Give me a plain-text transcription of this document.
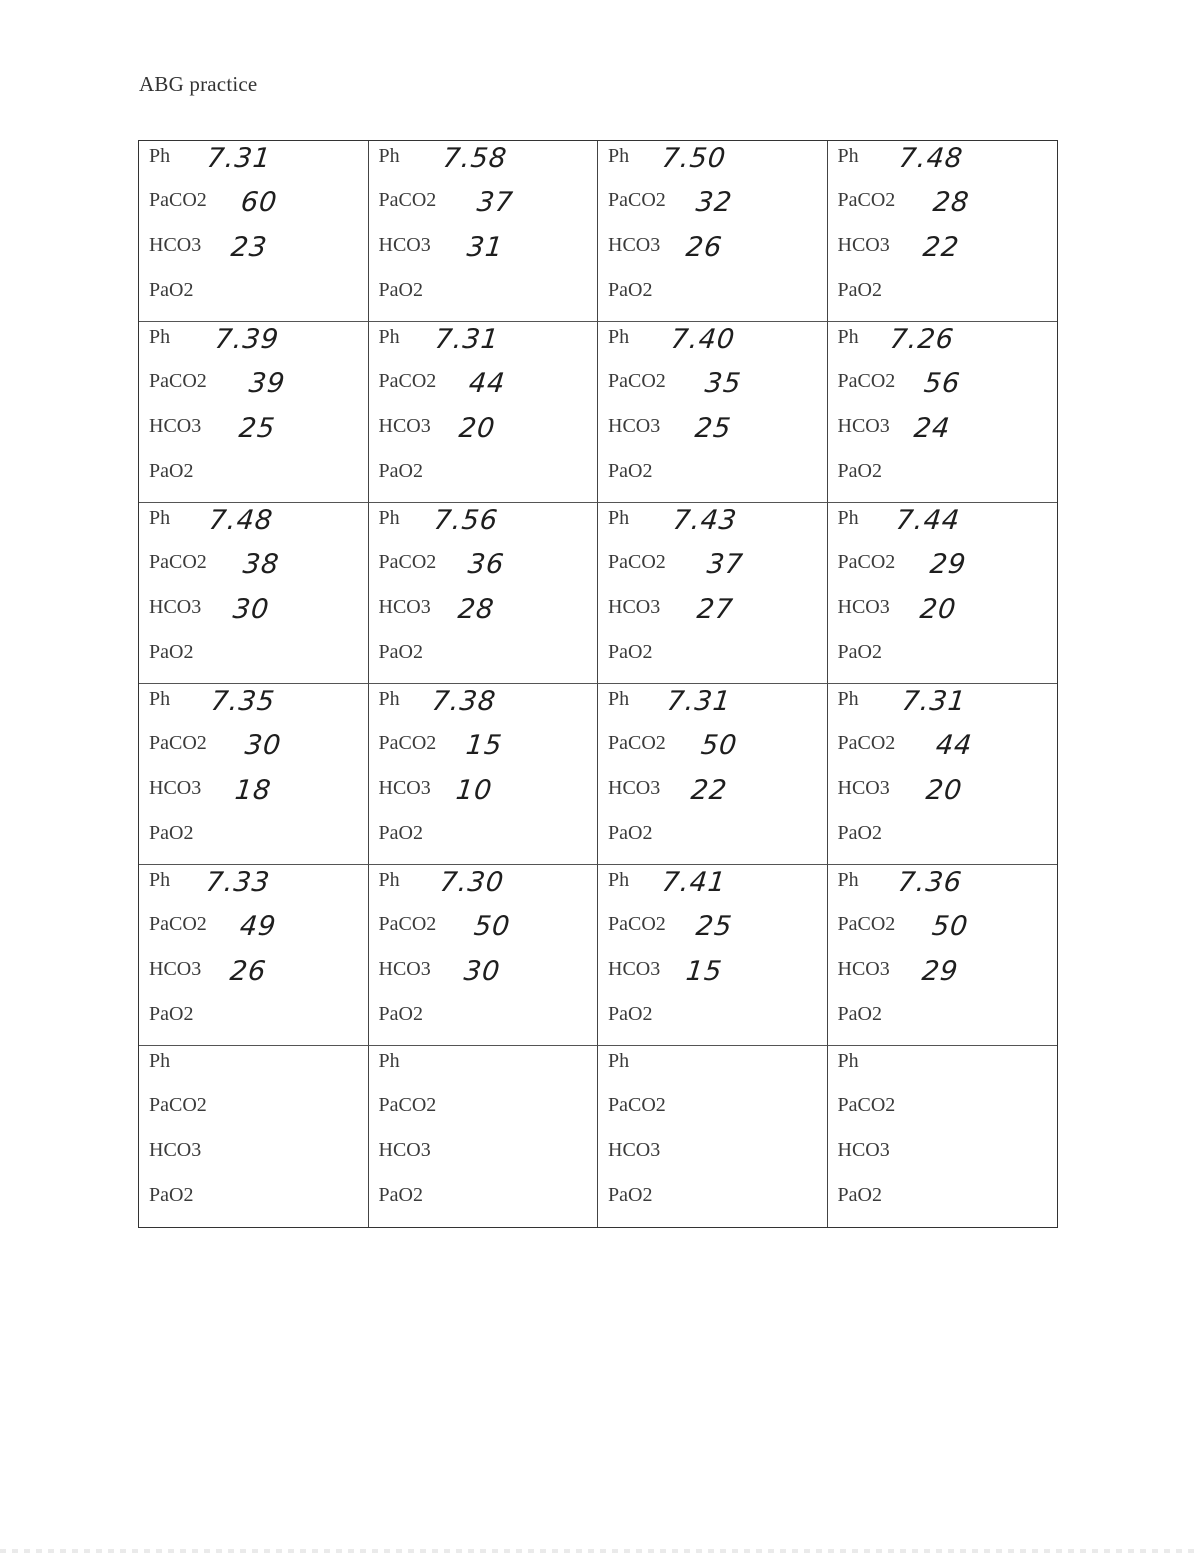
ABG practice
Ph 7.31
PaCO2 60
HCO3 23
PaO2
Ph 7.58
PaCO2 37
HCO3 31
PaO2
Ph 7.50
PaCO2 32
HCO3 26
PaO2
Ph 7.48
PaCO2 28
HCO3 22
PaO2
Ph 7.39
PaCO2 39
HCO3 25
PaO2
Ph 7.31
PaCO2 44
HCO3 20
PaO2
Ph 7.40
PaCO2 35
HCO3 25
PaO2
Ph 7.26
PaCO2 56
HCO3 24
PaO2
Ph 7.48
PaCO2 38
HCO3 30
PaO2
Ph 7.56
PaCO2 36
HCO3 28
PaO2
Ph 7.43
PaCO2 37
HCO3 27
PaO2
Ph 7.44
PaCO2 29
HCO3 20
PaO2
Ph 7.35
PaCO2 30
HCO3 18
PaO2
Ph 7.38
PaCO2 15
HCO3 10
PaO2
Ph 7.31
PaCO2 50
HCO3 22
PaO2
Ph 7.31
PaCO2 44
HCO3 20
PaO2
Ph 7.33
PaCO2 49
HCO3 26
PaO2
Ph 7.30
PaCO2 50
HCO3 30
PaO2
Ph 7.41
PaCO2 25
HCO3 15
PaO2
Ph 7.36
PaCO2 50
HCO3 29
PaO2
Ph
PaCO2
HCO3
PaO2
Ph
PaCO2
HCO3
PaO2
Ph
PaCO2
HCO3
PaO2
Ph
PaCO2
HCO3
PaO2
